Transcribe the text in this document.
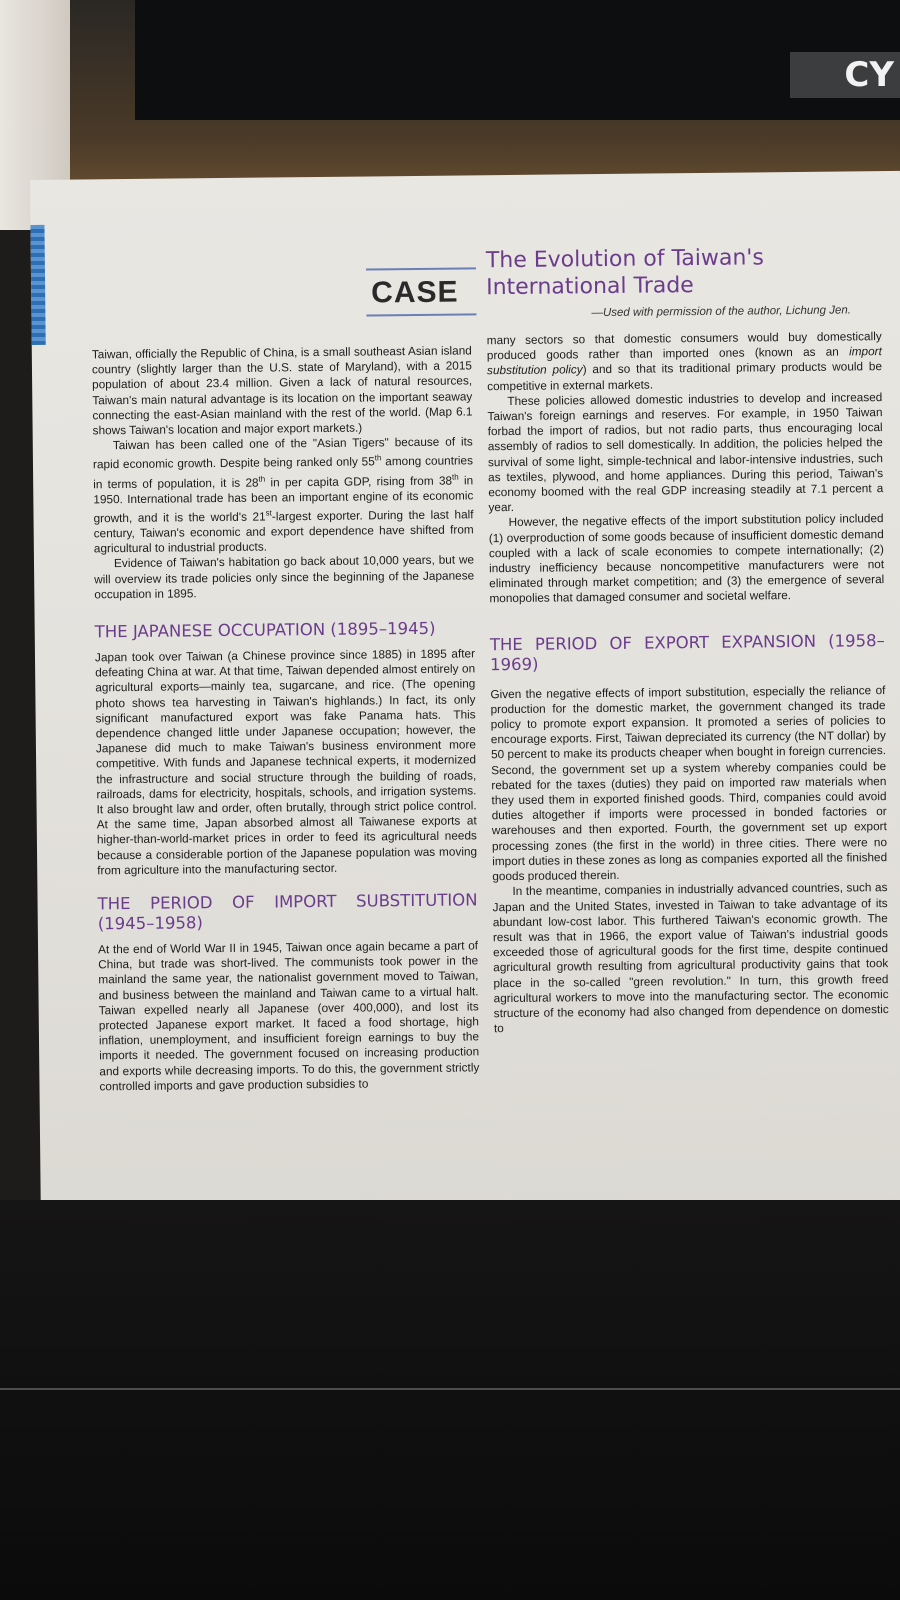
CY
CASE
The Evolution of Taiwan's
International Trade
—Used with permission of the author, Lichung Jen.

Taiwan, officially the Republic of China, is a small southeast Asian island country (slightly larger than the U.S. state of Maryland), with a 2015 population of about 23.4 million. Given a lack of natural resources, Taiwan's main natural advantage is its location on the important seaway connecting the east-Asian mainland with the rest of the world. (Map 6.1 shows Taiwan's location and major export markets.)

Taiwan has been called one of the "Asian Tigers" because of its rapid economic growth. Despite being ranked only 55th among countries in terms of population, it is 28th in per capita GDP, rising from 38th in 1950. International trade has been an important engine of its economic growth, and it is the world's 21st-largest exporter. During the last half century, Taiwan's economic and export dependence have shifted from agricultural to industrial products.

Evidence of Taiwan's habitation go back about 10,000 years, but we will overview its trade policies only since the beginning of the Japanese occupation in 1895.

THE JAPANESE OCCUPATION (1895–1945)

Japan took over Taiwan (a Chinese province since 1885) in 1895 after defeating China at war. At that time, Taiwan depended almost entirely on agricultural exports—mainly tea, sugarcane, and rice. (The opening photo shows tea harvesting in Taiwan's highlands.) In fact, its only significant manufactured export was fake Panama hats. This dependence changed little under Japanese occupation; however, the Japanese did much to make Taiwan's business environment more competitive. With funds and Japanese technical experts, it modernized the infrastructure and social structure through the building of roads, railroads, dams for electricity, hospitals, schools, and irrigation systems. It also brought law and order, often brutally, through strict police control. At the same time, Japan absorbed almost all Taiwanese exports at higher-than-world-market prices in order to feed its agricultural needs because a considerable portion of the Japanese population was moving from agriculture into the manufacturing sector.

THE PERIOD OF IMPORT SUBSTITUTION (1945–1958)

At the end of World War II in 1945, Taiwan once again became a part of China, but trade was short-lived. The communists took power in the mainland the same year, the nationalist government moved to Taiwan, and business between the mainland and Taiwan came to a virtual halt. Taiwan expelled nearly all Japanese (over 400,000), and lost its protected Japanese export market. It faced a food shortage, high inflation, unemployment, and insufficient foreign earnings to buy the imports it needed. The government focused on increasing production and exports while decreasing imports. To do this, the government strictly controlled imports and gave production subsidies to

many sectors so that domestic consumers would buy domestically produced goods rather than imported ones (known as an import substitution policy) and so that its traditional primary products would be competitive in external markets.

These policies allowed domestic industries to develop and increased Taiwan's foreign earnings and reserves. For example, in 1950 Taiwan forbad the import of radios, but not radio parts, thus encouraging local assembly of radios to sell domestically. In addition, the policies helped the survival of some light, simple-technical and labor-intensive industries, such as textiles, plywood, and home appliances. During this period, Taiwan's economy boomed with the real GDP increasing steadily at 7.1 percent a year.

However, the negative effects of the import substitution policy included (1) overproduction of some goods because of insufficient domestic demand coupled with a lack of scale economies to compete internationally; (2) industry inefficiency because noncompetitive manufacturers were not eliminated through market competition; and (3) the emergence of several monopolies that damaged consumer and societal welfare.

THE PERIOD OF EXPORT EXPANSION (1958–1969)

Given the negative effects of import substitution, especially the reliance of production for the domestic market, the government changed its trade policy to promote export expansion. It promoted a series of policies to encourage exports. First, Taiwan depreciated its currency (the NT dollar) by 50 percent to make its products cheaper when bought in foreign currencies. Second, the government set up a system whereby companies could be rebated for the taxes (duties) they paid on imported raw materials when they used them in exported finished goods. Third, companies could avoid duties altogether if imports were processed in bonded factories or warehouses and then exported. Fourth, the government set up export processing zones (the first in the world) in three cities. There were no import duties in these zones as long as companies exported all the finished goods produced therein.

In the meantime, companies in industrially advanced countries, such as Japan and the United States, invested in Taiwan to take advantage of its abundant low-cost labor. This furthered Taiwan's economic growth. The result was that in 1966, the export value of Taiwan's industrial goods exceeded those of agricultural goods for the first time, despite continued agricultural growth resulting from agricultural productivity gains that took place in the so-called "green revolution." In turn, this growth freed agricultural workers to move into the manufacturing sector. The economic structure of the economy had also changed from dependence on domestic to
